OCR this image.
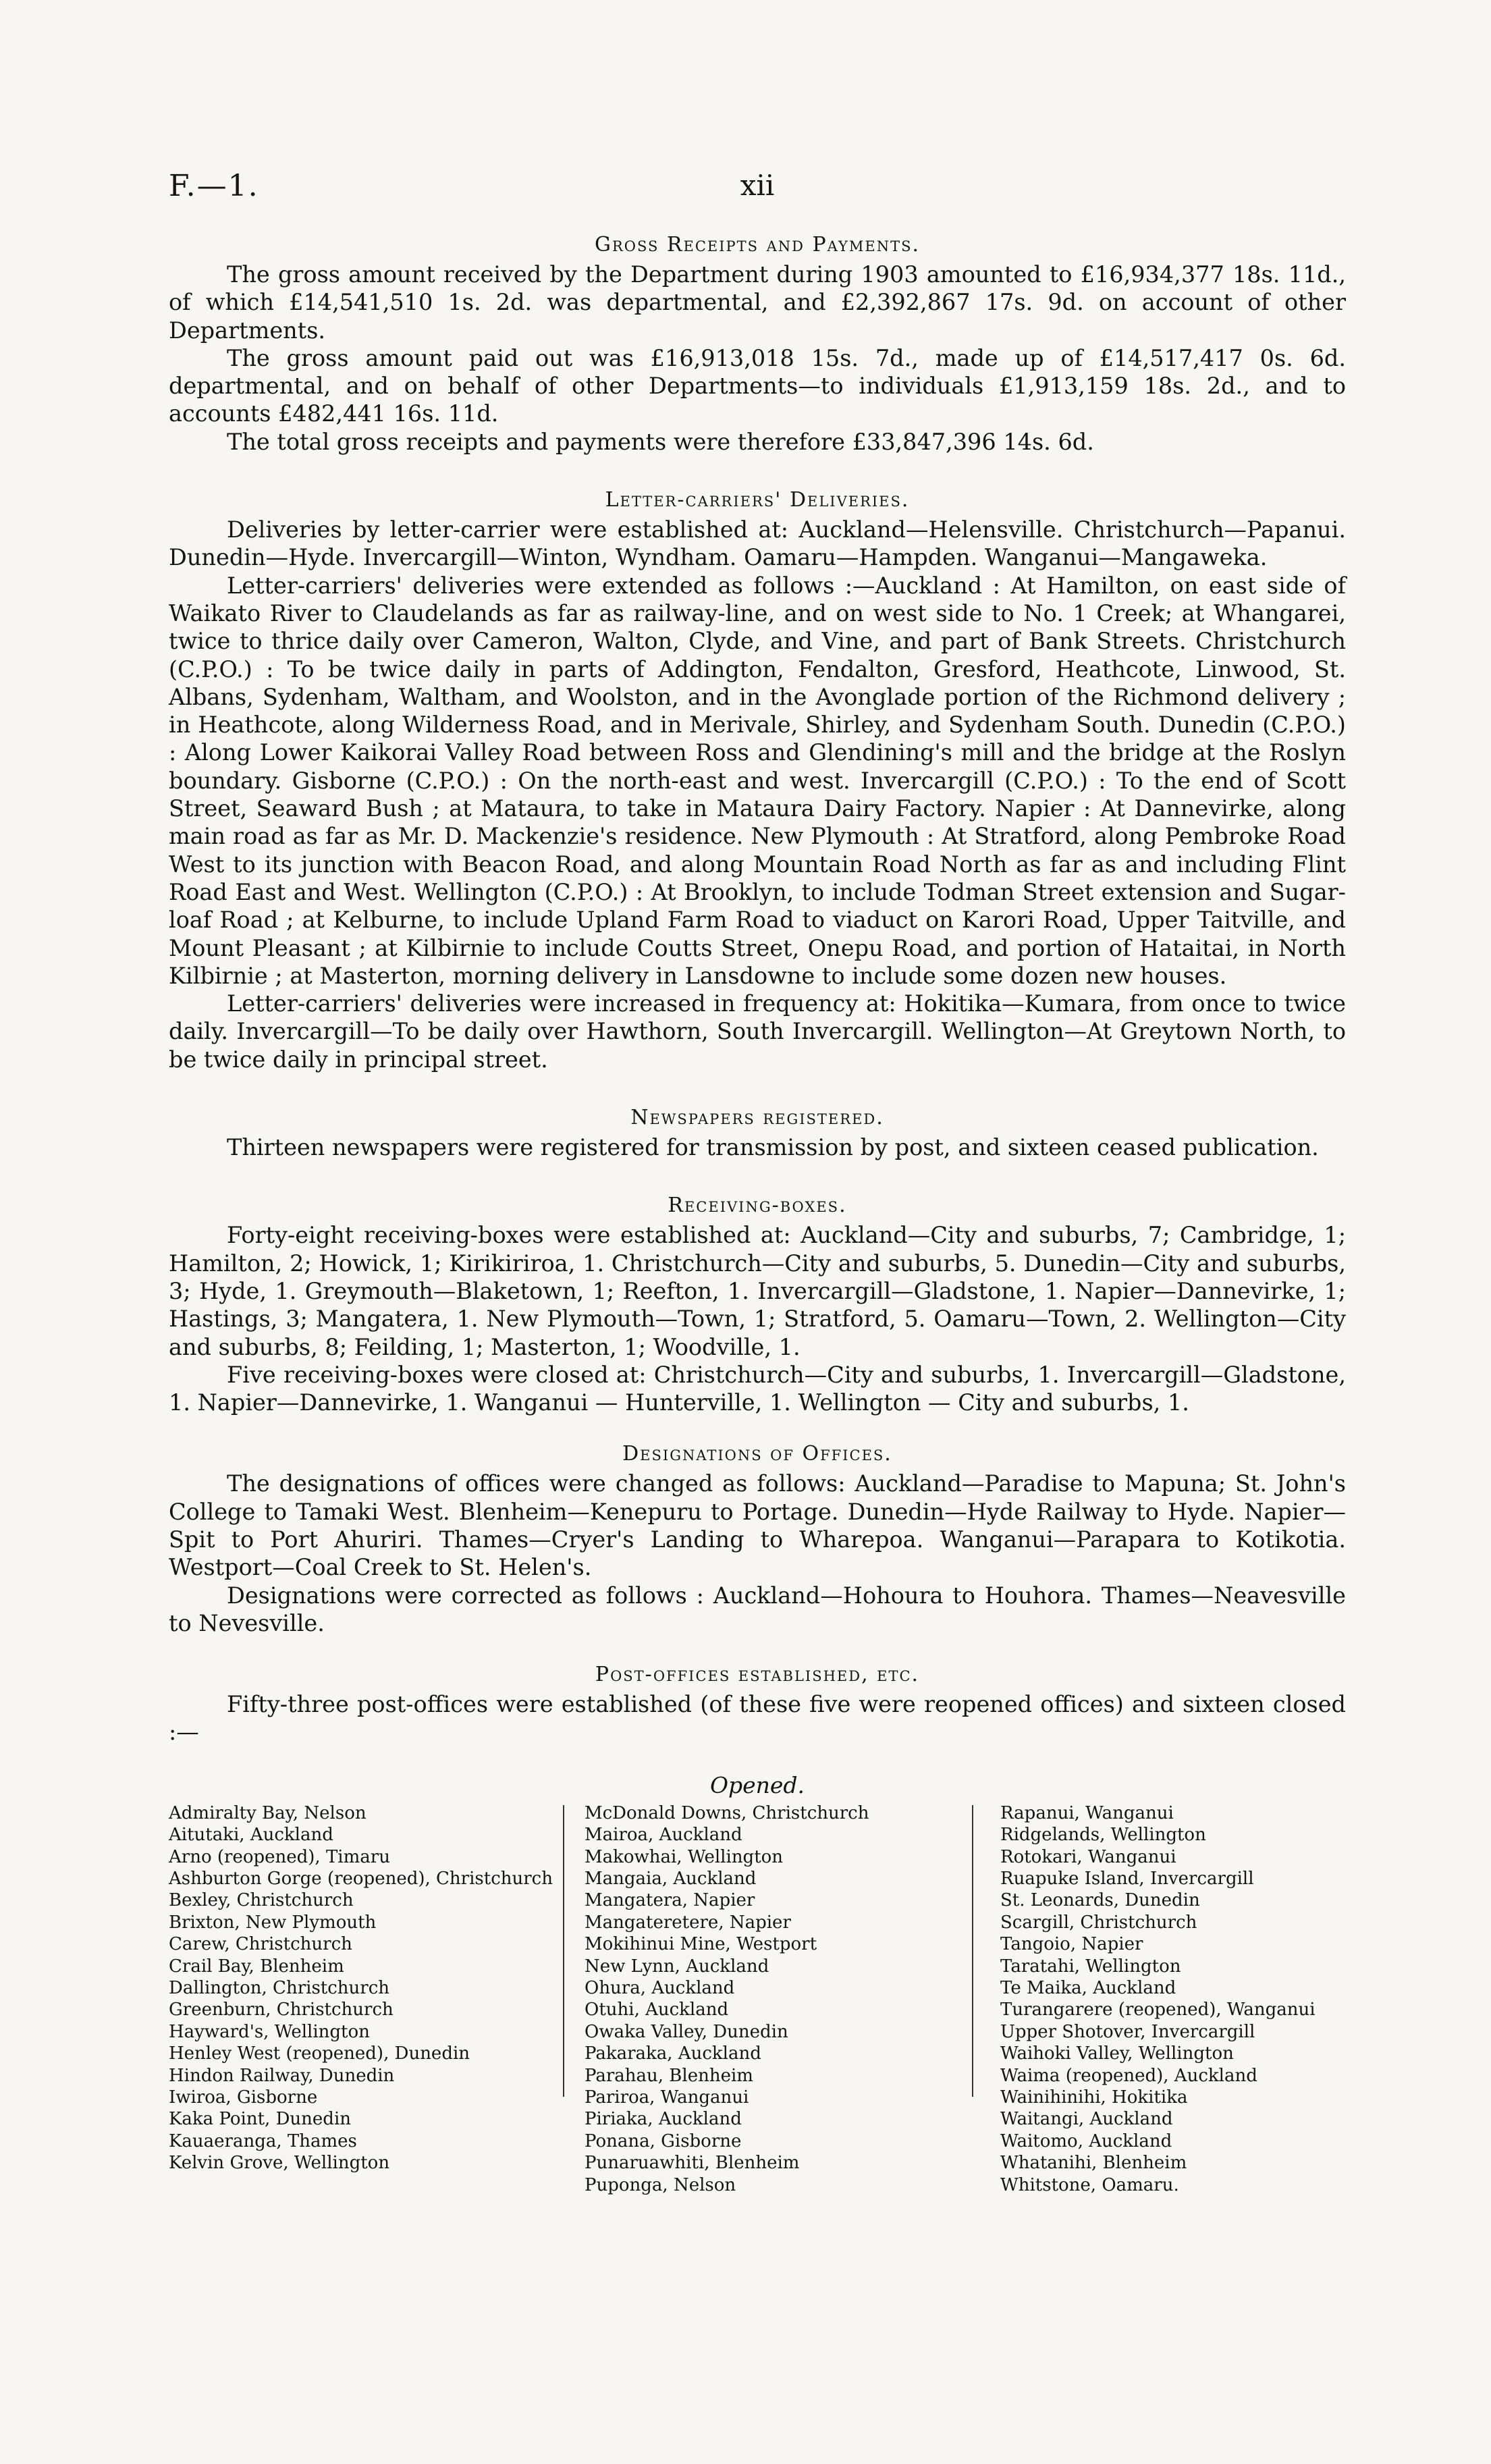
F.—1.	xii
Gross Receipts and Payments.

The gross amount received by the Department during 1903 amounted to £16,934,377 18s. 11d., of which £14,541,510 1s. 2d. was departmental, and £2,392,867 17s. 9d. on account of other Departments.

The gross amount paid out was £16,913,018 15s. 7d., made up of £14,517,417 0s. 6d. departmental, and on behalf of other Departments—to individuals £1,913,159 18s. 2d., and to accounts £482,441 16s. 11d.

The total gross receipts and payments were therefore £33,847,396 14s. 6d.

Letter-carriers' Deliveries.

Deliveries by letter-carrier were established at: Auckland—Helensville. Christchurch—Papanui. Dunedin—Hyde. Invercargill—Winton, Wyndham. Oamaru—Hampden. Wanganui—Mangaweka.

Letter-carriers' deliveries were extended as follows :—Auckland : At Hamilton, on east side of Waikato River to Claudelands as far as railway-line, and on west side to No. 1 Creek; at Whangarei, twice to thrice daily over Cameron, Walton, Clyde, and Vine, and part of Bank Streets. Christchurch (C.P.O.) : To be twice daily in parts of Addington, Fendalton, Gresford, Heathcote, Linwood, St. Albans, Sydenham, Waltham, and Woolston, and in the Avonglade portion of the Richmond delivery ; in Heathcote, along Wilderness Road, and in Merivale, Shirley, and Sydenham South. Dunedin (C.P.O.) : Along Lower Kaikorai Valley Road between Ross and Glendining's mill and the bridge at the Roslyn boundary. Gisborne (C.P.O.) : On the north-east and west. Invercargill (C.P.O.) : To the end of Scott Street, Seaward Bush ; at Mataura, to take in Mataura Dairy Factory. Napier : At Dannevirke, along main road as far as Mr. D. Mackenzie's residence. New Plymouth : At Stratford, along Pembroke Road West to its junction with Beacon Road, and along Mountain Road North as far as and including Flint Road East and West. Wellington (C.P.O.) : At Brooklyn, to include Todman Street extension and Sugar-loaf Road ; at Kelburne, to include Upland Farm Road to viaduct on Karori Road, Upper Taitville, and Mount Pleasant ; at Kilbirnie to include Coutts Street, Onepu Road, and portion of Hataitai, in North Kilbirnie ; at Masterton, morning delivery in Lansdowne to include some dozen new houses.

Letter-carriers' deliveries were increased in frequency at: Hokitika—Kumara, from once to twice daily. Invercargill—To be daily over Hawthorn, South Invercargill. Wellington—At Greytown North, to be twice daily in principal street.

Newspapers registered.

Thirteen newspapers were registered for transmission by post, and sixteen ceased publication.

Receiving-boxes.

Forty-eight receiving-boxes were established at: Auckland—City and suburbs, 7; Cambridge, 1; Hamilton, 2; Howick, 1; Kirikiriroa, 1. Christchurch—City and suburbs, 5. Dunedin—City and suburbs, 3; Hyde, 1. Greymouth—Blaketown, 1; Reefton, 1. Invercargill—Gladstone, 1. Napier—Dannevirke, 1; Hastings, 3; Mangatera, 1. New Plymouth—Town, 1; Stratford, 5. Oamaru—Town, 2. Wellington—City and suburbs, 8; Feilding, 1; Masterton, 1; Woodville, 1.

Five receiving-boxes were closed at: Christchurch—City and suburbs, 1. Invercargill—Gladstone, 1. Napier—Dannevirke, 1. Wanganui — Hunterville, 1. Wellington — City and suburbs, 1.

Designations of Offices.

The designations of offices were changed as follows: Auckland—Paradise to Mapuna; St. John's College to Tamaki West. Blenheim—Kenepuru to Portage. Dunedin—Hyde Railway to Hyde. Napier—Spit to Port Ahuriri. Thames—Cryer's Landing to Wharepoa. Wanganui—Parapara to Kotikotia. Westport—Coal Creek to St. Helen's.

Designations were corrected as follows : Auckland—Hohoura to Houhora. Thames—Neavesville to Nevesville.

Post-offices established, etc.

Fifty-three post-offices were established (of these five were reopened offices) and sixteen closed :—

Opened.
Admiralty Bay, Nelson
Aitutaki, Auckland
Arno (reopened), Timaru
Ashburton Gorge (reopened), Christchurch
Bexley, Christchurch
Brixton, New Plymouth
Carew, Christchurch
Crail Bay, Blenheim
Dallington, Christchurch
Greenburn, Christchurch
Hayward's, Wellington
Henley West (reopened), Dunedin
Hindon Railway, Dunedin
Iwiroa, Gisborne
Kaka Point, Dunedin
Kauaeranga, Thames
Kelvin Grove, Wellington
McDonald Downs, Christchurch
Mairoa, Auckland
Makowhai, Wellington
Mangaia, Auckland
Mangatera, Napier
Mangateretere, Napier
Mokihinui Mine, Westport
New Lynn, Auckland
Ohura, Auckland
Otuhi, Auckland
Owaka Valley, Dunedin
Pakaraka, Auckland
Parahau, Blenheim
Pariroa, Wanganui
Piriaka, Auckland
Ponana, Gisborne
Punaruawhiti, Blenheim
Puponga, Nelson
Rapanui, Wanganui
Ridgelands, Wellington
Rotokari, Wanganui
Ruapuke Island, Invercargill
St. Leonards, Dunedin
Scargill, Christchurch
Tangoio, Napier
Taratahi, Wellington
Te Maika, Auckland
Turangarere (reopened), Wanganui
Upper Shotover, Invercargill
Waihoki Valley, Wellington
Waima (reopened), Auckland
Wainihinihi, Hokitika
Waitangi, Auckland
Waitomo, Auckland
Whatanihi, Blenheim
Whitstone, Oamaru.
